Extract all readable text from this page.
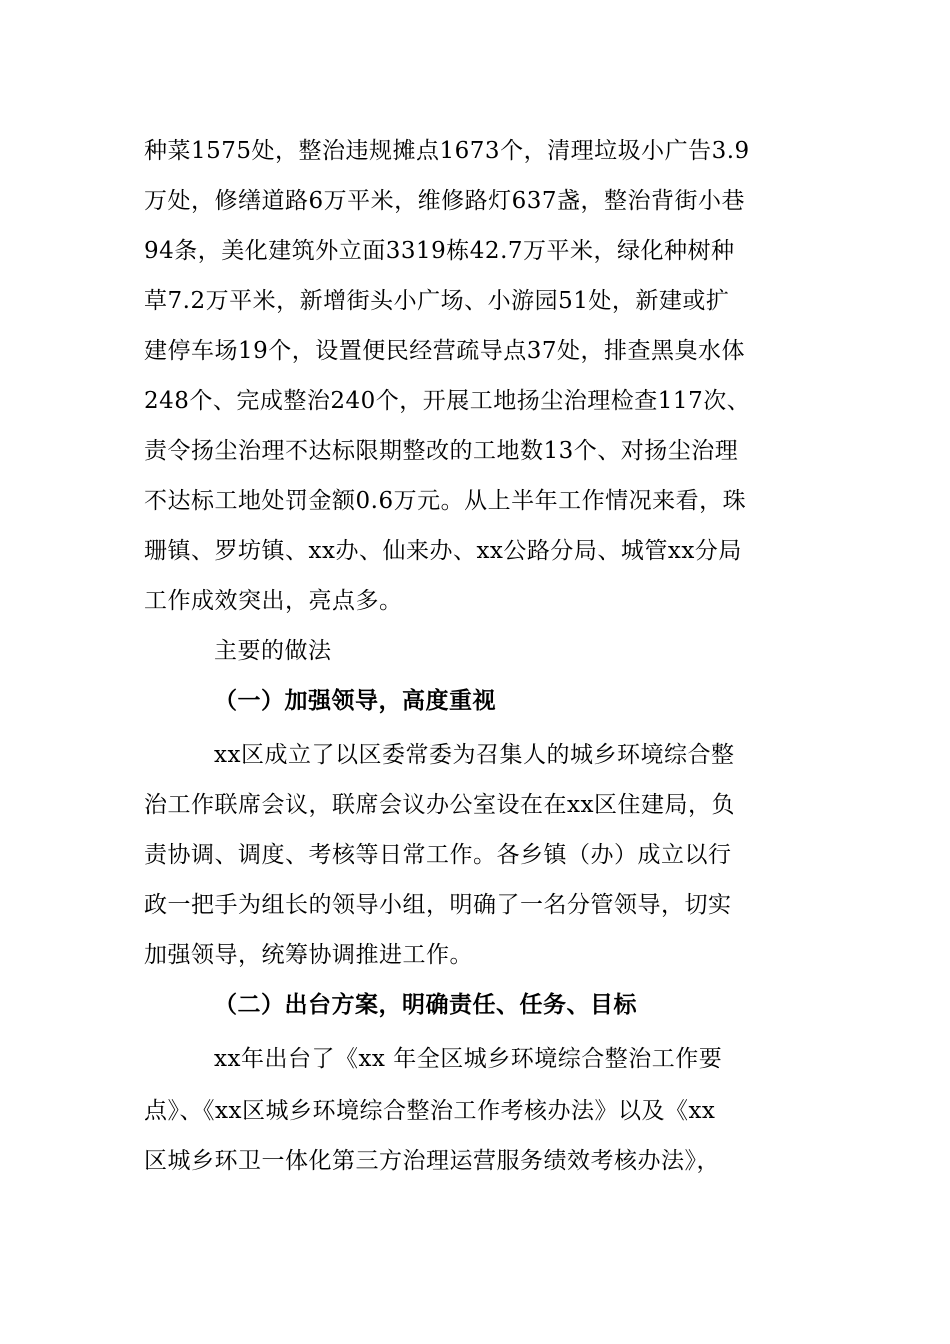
种菜1575处，整治违规摊点1673个，清理垃圾小广告3.9
万处，修缮道路6万平米，维修路灯637盏，整治背街小巷
94条，美化建筑外立面3319栋42.7万平米，绿化种树种
草7.2万平米，新增街头小广场、小游园51处，新建或扩
建停车场19个，设置便民经营疏导点37处，排查黑臭水体
248个、完成整治240个，开展工地扬尘治理检查117次、
责令扬尘治理不达标限期整改的工地数13个、对扬尘治理
不达标工地处罚金额0.6万元。从上半年工作情况来看，珠
珊镇、罗坊镇、xx办、仙来办、xx公路分局、城管xx分局
工作成效突出，亮点多。
主要的做法
（一）加强领导，高度重视
xx区成立了以区委常委为召集人的城乡环境综合整
治工作联席会议，联席会议办公室设在在xx区住建局，负
责协调、调度、考核等日常工作。各乡镇（办）成立以行
政一把手为组长的领导小组，明确了一名分管领导，切实
加强领导，统筹协调推进工作。
（二）出台方案，明确责任、任务、目标
xx年出台了《xx 年全区城乡环境综合整治工作要
点》、《xx区城乡环境综合整治工作考核办法》以及《xx
区城乡环卫一体化第三方治理运营服务绩效考核办法》，
